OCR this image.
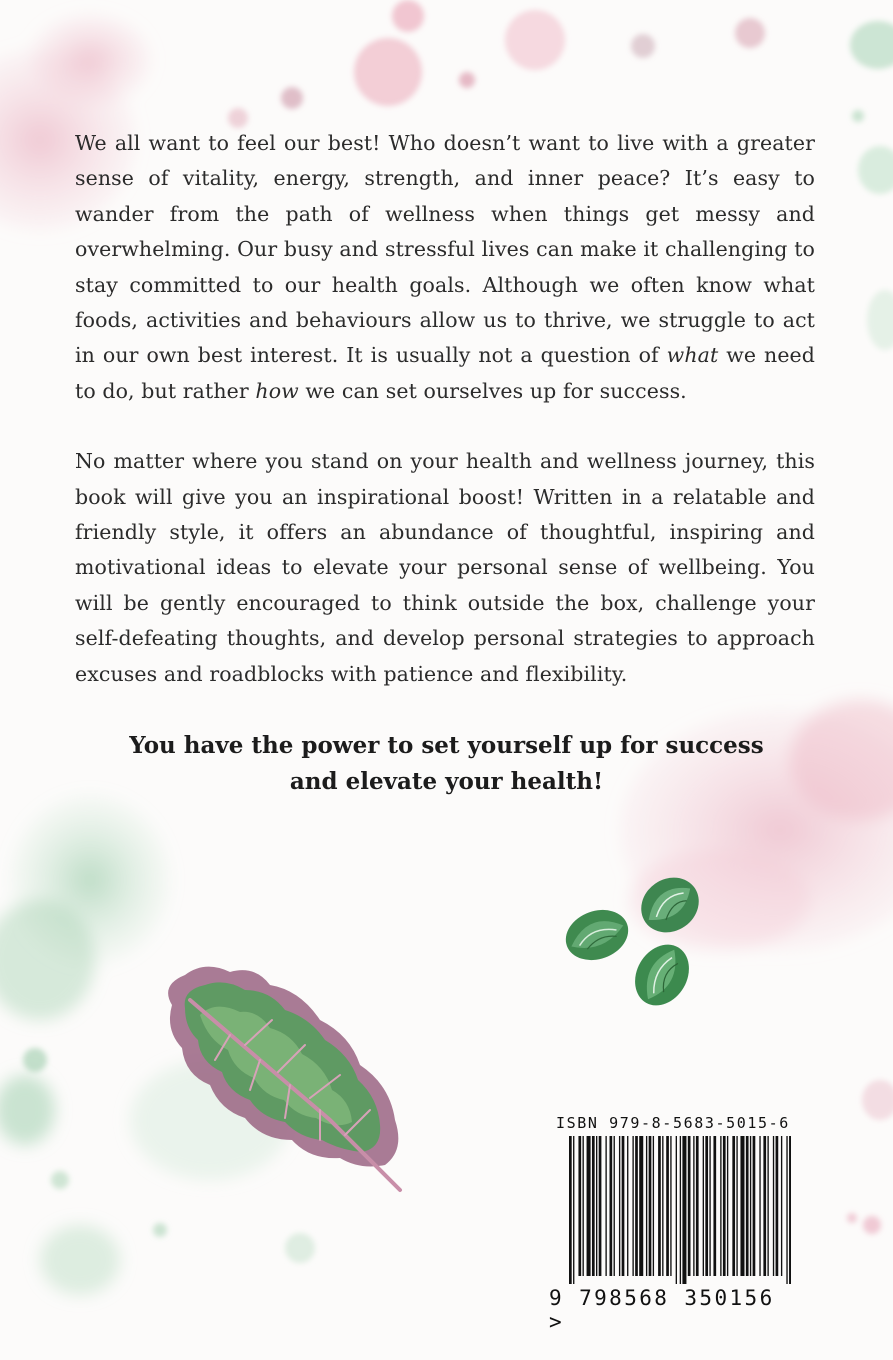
We all want to feel our best! Who doesn’t want to live with a greater sense of vitality, energy, strength, and inner peace? It’s easy to wander from the path of wellness when things get messy and overwhelming. Our busy and stressful lives can make it challenging to stay committed to our health goals. Although we often know what foods, activities and behaviours allow us to thrive, we struggle to act in our own best interest. It is usually not a question of what we need to do, but rather how we can set ourselves up for success.

No matter where you stand on your health and wellness journey, this book will give you an inspirational boost! Written in a relatable and friendly style, it offers an abundance of thoughtful, inspiring and motivational ideas to elevate your personal sense of wellbeing. You will be gently encouraged to think outside the box, challenge your self-defeating thoughts, and develop personal strategies to approach excuses and roadblocks with patience and flexibility.

You have the power to set yourself up for success
and elevate your health!
ISBN 979-8-5683-5015-6
9 798568 350156 >
